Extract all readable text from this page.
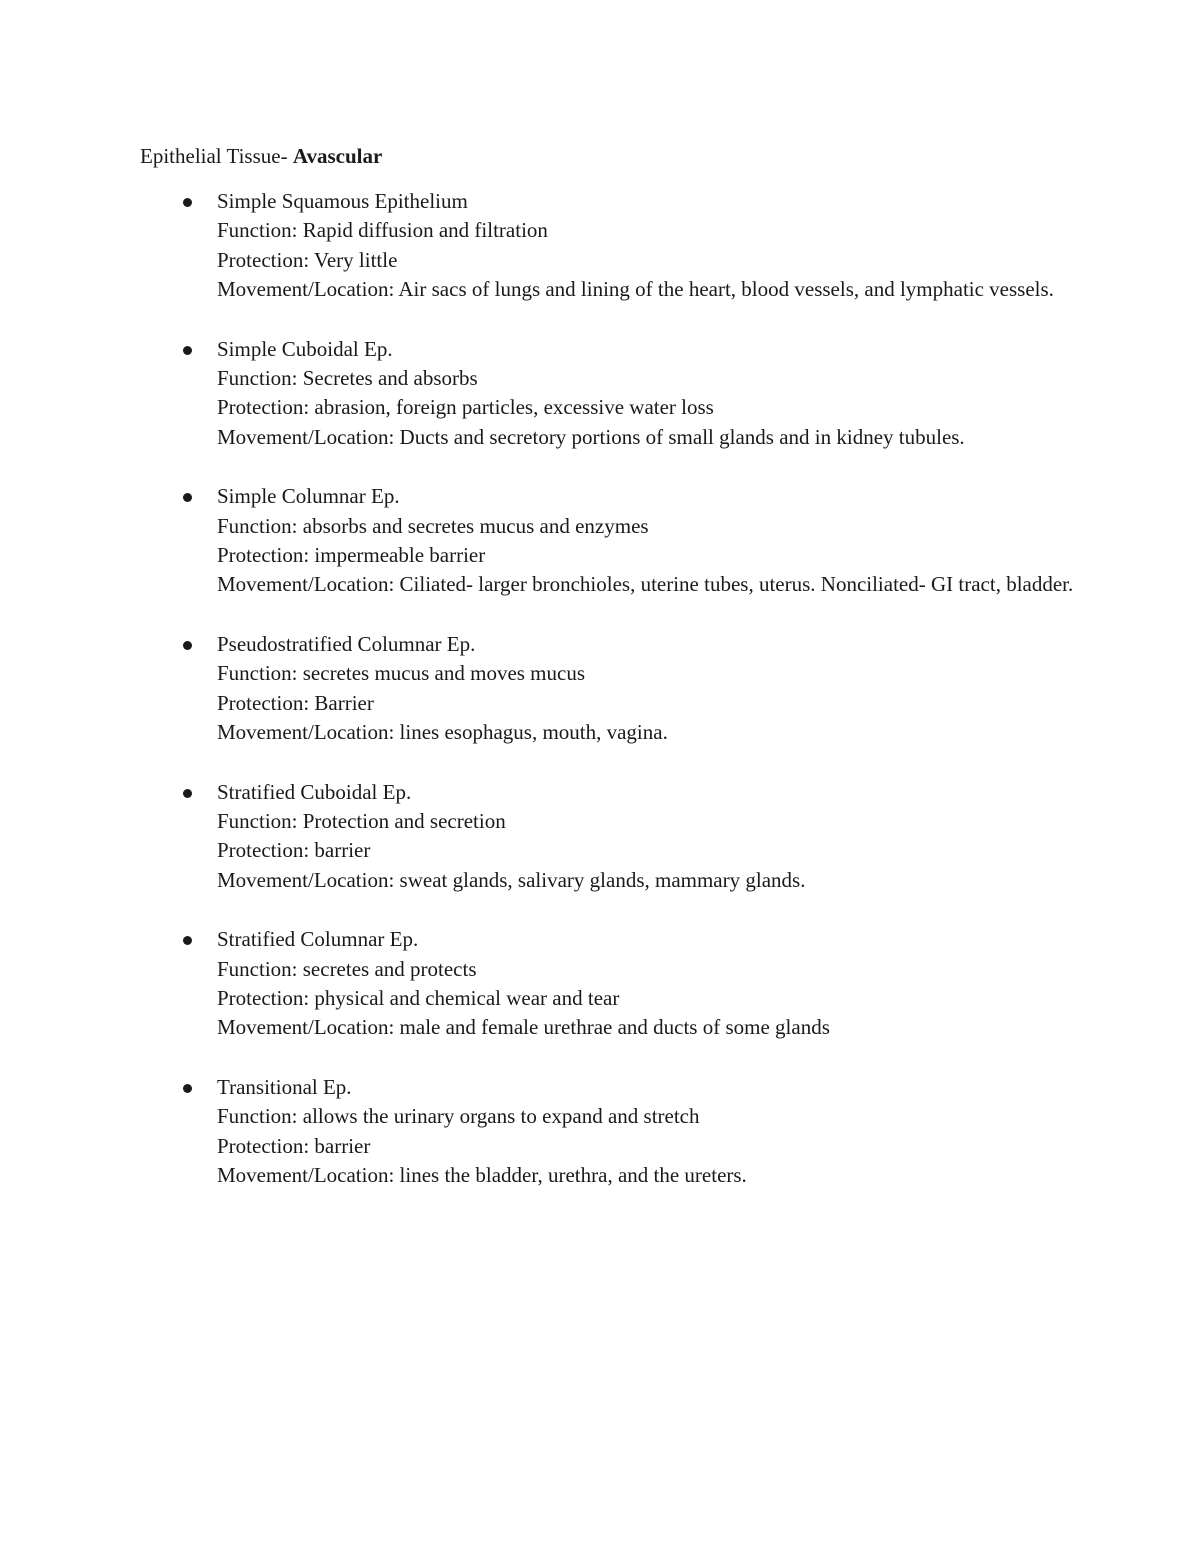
Epithelial Tissue- Avascular
Simple Squamous Epithelium
Function: Rapid diffusion and filtration
Protection: Very little
Movement/Location: Air sacs of lungs and lining of the heart, blood vessels, and lymphatic vessels.
Simple Cuboidal Ep.
Function: Secretes and absorbs
Protection: abrasion, foreign particles, excessive water loss
Movement/Location: Ducts and secretory portions of small glands and in kidney tubules.
Simple Columnar Ep.
Function: absorbs and secretes mucus and enzymes
Protection: impermeable barrier
Movement/Location: Ciliated- larger bronchioles, uterine tubes, uterus. Nonciliated- GI tract, bladder.
Pseudostratified Columnar Ep.
Function: secretes mucus and moves mucus
Protection: Barrier
Movement/Location: lines esophagus, mouth, vagina.
Stratified Cuboidal Ep.
Function: Protection and secretion
Protection: barrier
Movement/Location: sweat glands, salivary glands, mammary glands.
Stratified Columnar Ep.
Function: secretes and protects
Protection: physical and chemical wear and tear
Movement/Location: male and female urethrae and ducts of some glands
Transitional Ep.
Function: allows the urinary organs to expand and stretch
Protection: barrier
Movement/Location: lines the bladder, urethra, and the ureters.
